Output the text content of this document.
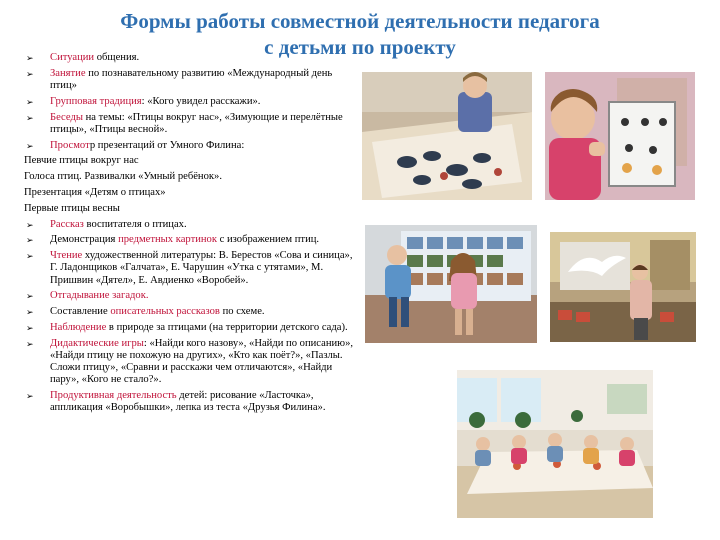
Формы работы совместной деятельности педагога
с детьми по проекту
➢ Ситуации общения.
➢ Занятие по познавательному развитию «Международный день птиц»
➢ Групповая традиция: «Кого увидел расскажи».
➢ Беседы на темы: «Птицы вокруг нас», «Зимующие и перелётные птицы», «Птицы весной».
➢ Просмотр презентаций от Умного Филина:
Певчие птицы вокруг нас
Голоса птиц. Развивалки «Умный ребёнок».
Презентация «Детям о птицах»
Первые птицы весны
➢ Рассказ воспитателя о птицах.
➢ Демонстрация предметных картинок с изображением птиц.
➢ Чтение художественной литературы: В. Берестов «Сова и синица», Г. Ладонщиков «Галчата», Е. Чарушин «Утка с утятами», М. Пришвин «Дятел», Е. Авдиенко «Воробей».
➢ Отгадывание загадок.
➢ Составление описательных рассказов по схеме.
➢ Наблюдение в природе за птицами (на территории детского сада).
➢ Дидактические игры: «Найди кого назову», «Найди по описанию», «Найди птицу не похожую на других», «Кто как поёт?», «Пазлы. Сложи птицу», «Сравни и расскажи чем отличаются», «Найди пару», «Кого не стало?».
➢ Продуктивная деятельность детей: рисование «Ласточка», аппликация «Воробышки», лепка из теста «Друзья Филина».
